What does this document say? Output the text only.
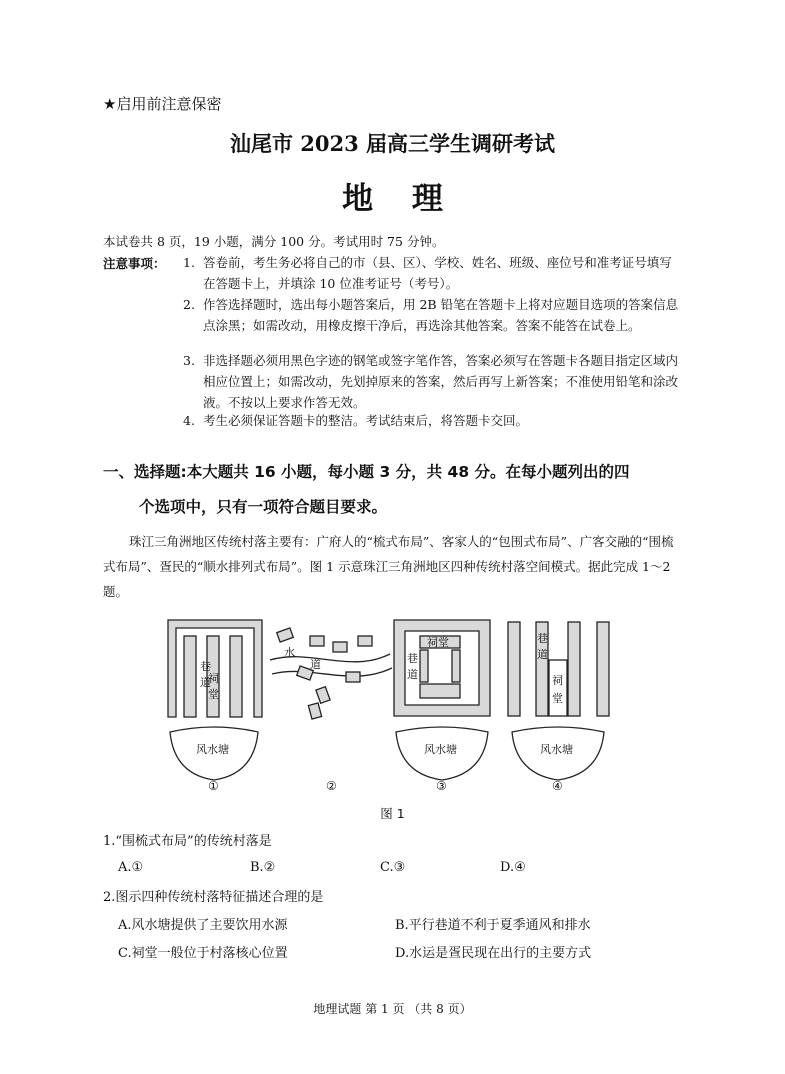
★启用前注意保密
汕尾市 2023 届高三学生调研考试
地 理
本试卷共 8 页，19 小题，满分 100 分。考试用时 75 分钟。
注意事项： 1. 答卷前，考生务必将自己的市（县、区）、学校、姓名、班级、座位号和准考证号填写在答题卡上，并填涂 10 位准考证号（考号）。
2. 作答选择题时，选出每小题答案后，用 2B 铅笔在答题卡上将对应题目选项的答案信息点涂黑；如需改动，用橡皮擦干净后，再选涂其他答案。答案不能答在试卷上。
3. 非选择题必须用黑色字迹的钢笔或签字笔作答，答案必须写在答题卡各题目指定区域内相应位置上；如需改动，先划掉原来的答案，然后再写上新答案；不准使用铅笔和涂改液。不按以上要求作答无效。
4. 考生必须保证答题卡的整洁。考试结束后，将答题卡交回。
一、选择题:本大题共 16 小题，每小题 3 分，共 48 分。在每小题列出的四
个选项中，只有一项符合题目要求。
珠江三角洲地区传统村落主要有：广府人的“梳式布局”、客家人的“包围式布局”、广客交融的“围梳式布局”、疍民的“顺水排列式布局”。图 1 示意珠江三角洲地区四种传统村落空间模式。据此完成 1～2 题。
巷
道
祠
堂
水
道
祠堂
巷
道
巷
道
祠
堂
风水塘	风水塘	风水塘
①	②	③	④
图 1
1.“围梳式布局”的传统村落是
A.①	B.②	C.③	D.④
2.图示四种传统村落特征描述合理的是
A.风水塘提供了主要饮用水源	B.平行巷道不利于夏季通风和排水
C.祠堂一般位于村落核心位置	D.水运是疍民现在出行的主要方式
地理试题 第 1 页 （共 8 页）
